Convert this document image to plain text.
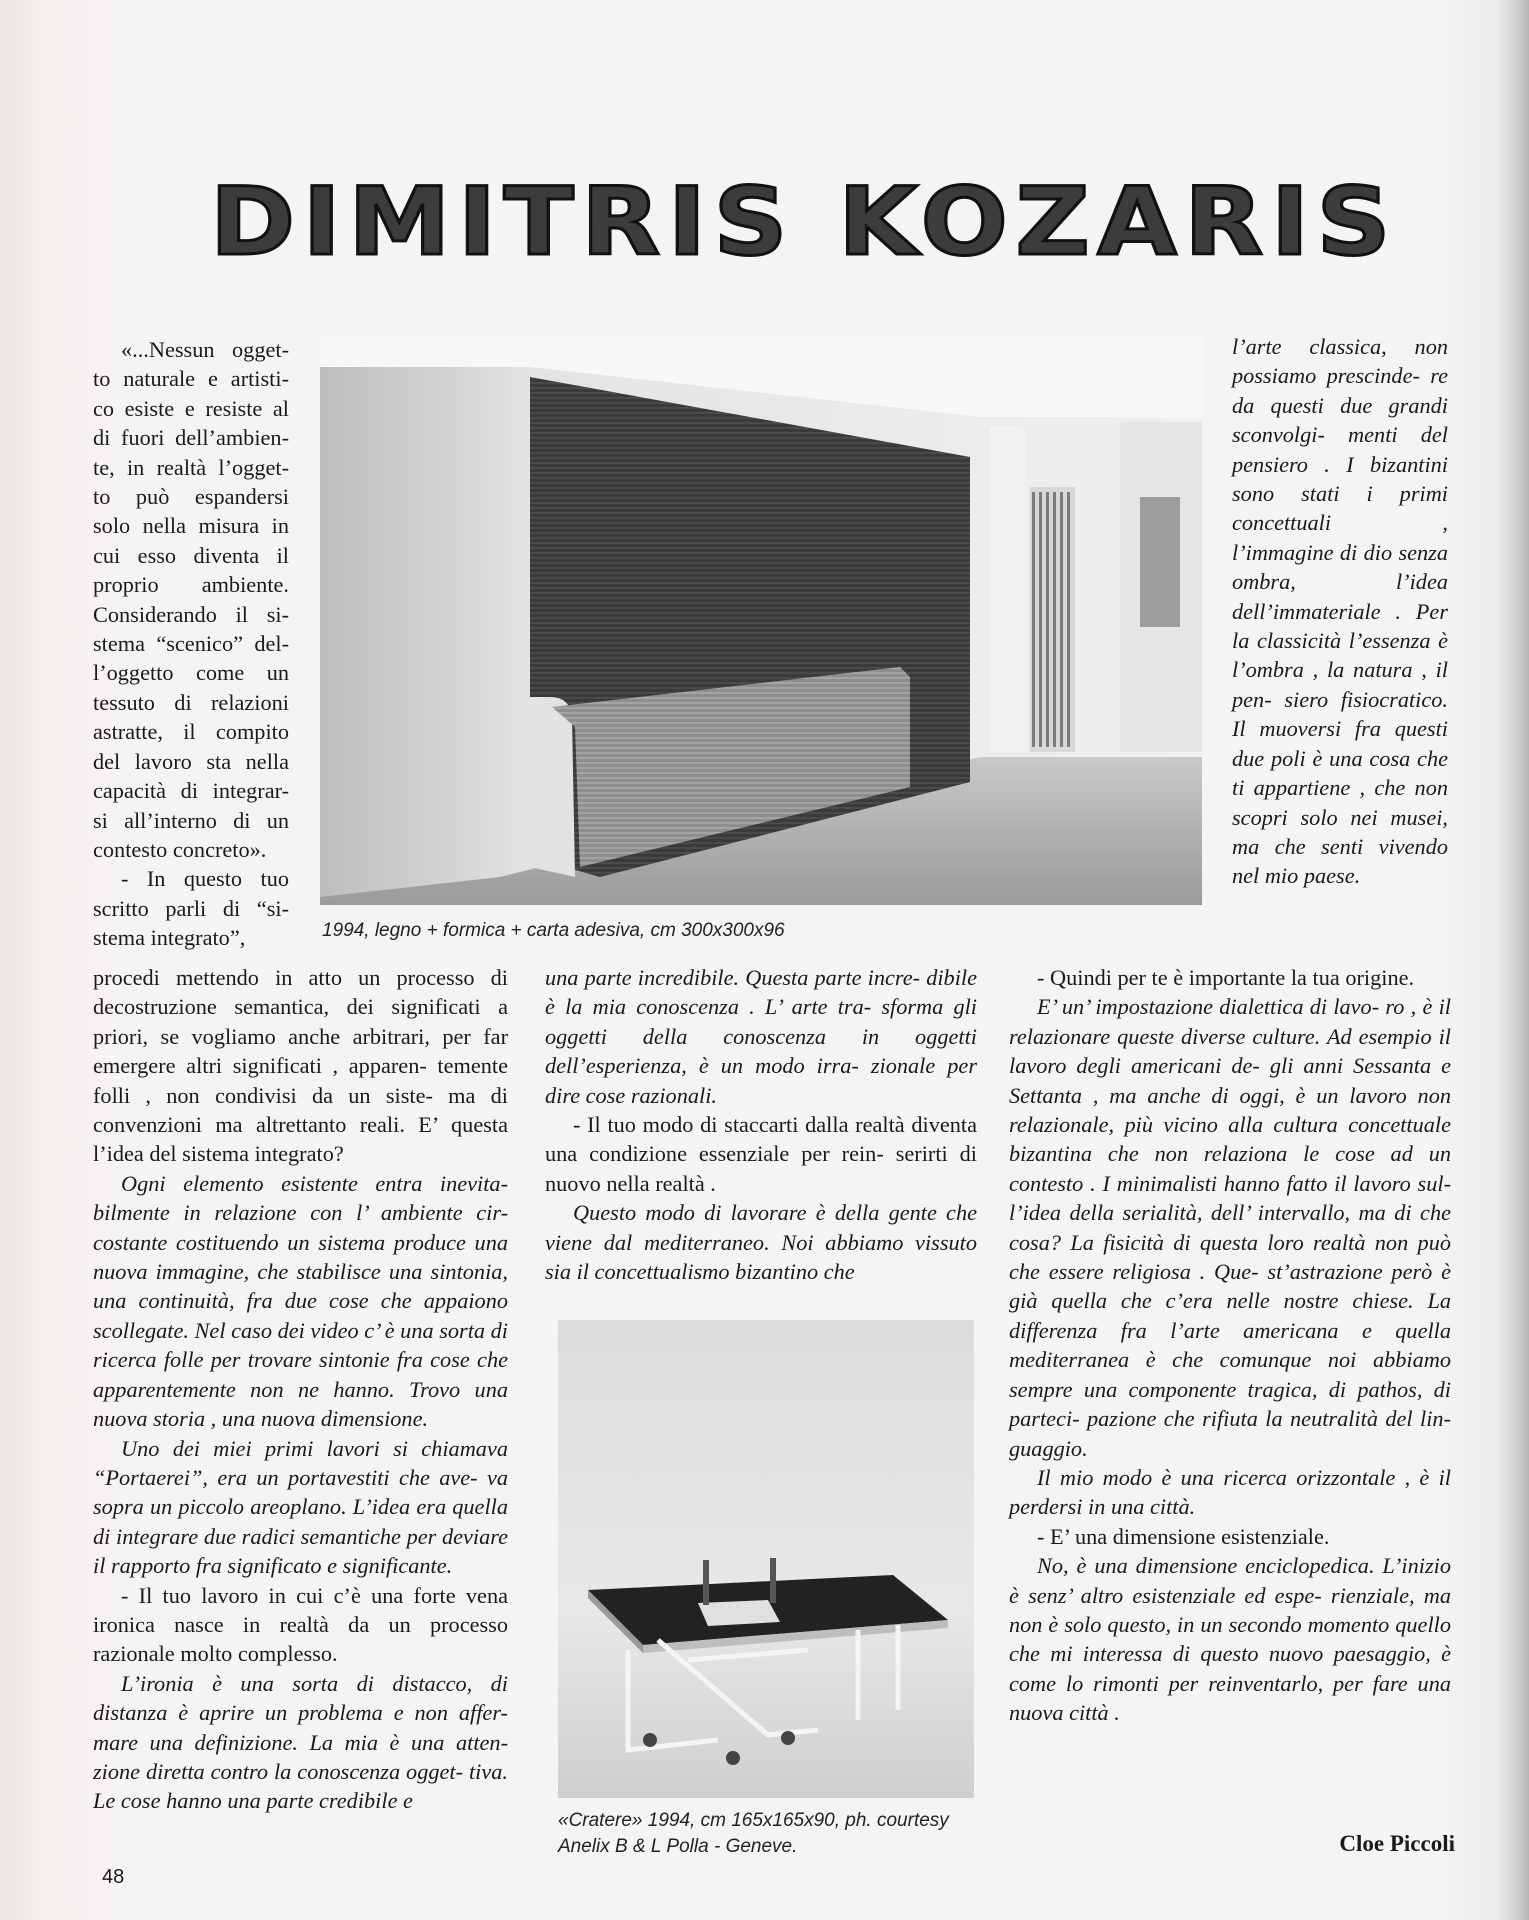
DIMITRIS KOZARIS

«...Nessun ogget- to naturale e artisti- co esiste e resiste al di fuori dell’ambien- te, in realtà l’ogget- to può espandersi solo nella misura in cui esso diventa il proprio ambiente. Considerando il si- stema “scenico” del- l’oggetto come un tessuto di relazioni astratte, il compito del lavoro sta nella capacità di integrar- si all’interno di un contesto concreto».

- In questo tuo scritto parli di “si- stema integrato”,	1994, legno + formica + carta adesiva, cm 300x300x96

l’arte classica, non possiamo prescinde- re da questi due grandi sconvolgi- menti del pensiero . I bizantini sono stati i primi concettuali , l’immagine di dio senza ombra, l’idea dell’immateriale . Per la classicità l’essenza è l’ombra , la natura , il pen- siero fisiocratico. Il muoversi fra questi due poli è una cosa che ti appartiene , che non scopri solo nei musei, ma che senti vivendo nel mio paese.

procedi mettendo in atto un processo di decostruzione semantica, dei significati a priori, se vogliamo anche arbitrari, per far emergere altri significati , apparen- temente folli , non condivisi da un siste- ma di convenzioni ma altrettanto reali. E’ questa l’idea del sistema integrato?

Ogni elemento esistente entra inevita- bilmente in relazione con l’ ambiente cir- costante costituendo un sistema produce una nuova immagine, che stabilisce una sintonia, una continuità, fra due cose che appaiono scollegate. Nel caso dei video c’ è una sorta di ricerca folle per trovare sintonie fra cose che apparentemente non ne hanno. Trovo una nuova storia , una nuova dimensione.

Uno dei miei primi lavori si chiamava “Portaerei”, era un portavestiti che ave- va sopra un piccolo areoplano. L’idea era quella di integrare due radici semantiche per deviare il rapporto fra significato e significante.

- Il tuo lavoro in cui c’è una forte vena ironica nasce in realtà da un processo razionale molto complesso.

L’ironia è una sorta di distacco, di distanza è aprire un problema e non affer- mare una definizione. La mia è una atten- zione diretta contro la conoscenza ogget- tiva. Le cose hanno una parte credibile e

una parte incredibile. Questa parte incre- dibile è la mia conoscenza . L’ arte tra- sforma gli oggetti della conoscenza in oggetti dell’esperienza, è un modo irra- zionale per dire cose razionali.

- Il tuo modo di staccarti dalla realtà diventa una condizione essenziale per rein- serirti di nuovo nella realtà .

Questo modo di lavorare è della gente che viene dal mediterraneo. Noi abbiamo vissuto sia il concettualismo bizantino che

«Cratere» 1994, cm 165x165x90, ph. courtesy Anelix B & L Polla - Geneve.

- Quindi per te è importante la tua origine.

E’ un’ impostazione dialettica di lavo- ro , è il relazionare queste diverse culture. Ad esempio il lavoro degli americani de- gli anni Sessanta e Settanta , ma anche di oggi, è un lavoro non relazionale, più vicino alla cultura concettuale bizantina che non relaziona le cose ad un contesto . I minimalisti hanno fatto il lavoro sul- l’idea della serialità, dell’ intervallo, ma di che cosa? La fisicità di questa loro realtà non può che essere religiosa . Que- st’astrazione però è già quella che c’era nelle nostre chiese. La differenza fra l’arte americana e quella mediterranea è che comunque noi abbiamo sempre una componente tragica, di pathos, di parteci- pazione che rifiuta la neutralità del lin- guaggio.

Il mio modo è una ricerca orizzontale , è il perdersi in una città.

- E’ una dimensione esistenziale.

No, è una dimensione enciclopedica. L’inizio è senz’ altro esistenziale ed espe- rienziale, ma non è solo questo, in un secondo momento quello che mi interessa di questo nuovo paesaggio, è come lo rimonti per reinventarlo, per fare una nuova città .

Cloe Piccoli
48
